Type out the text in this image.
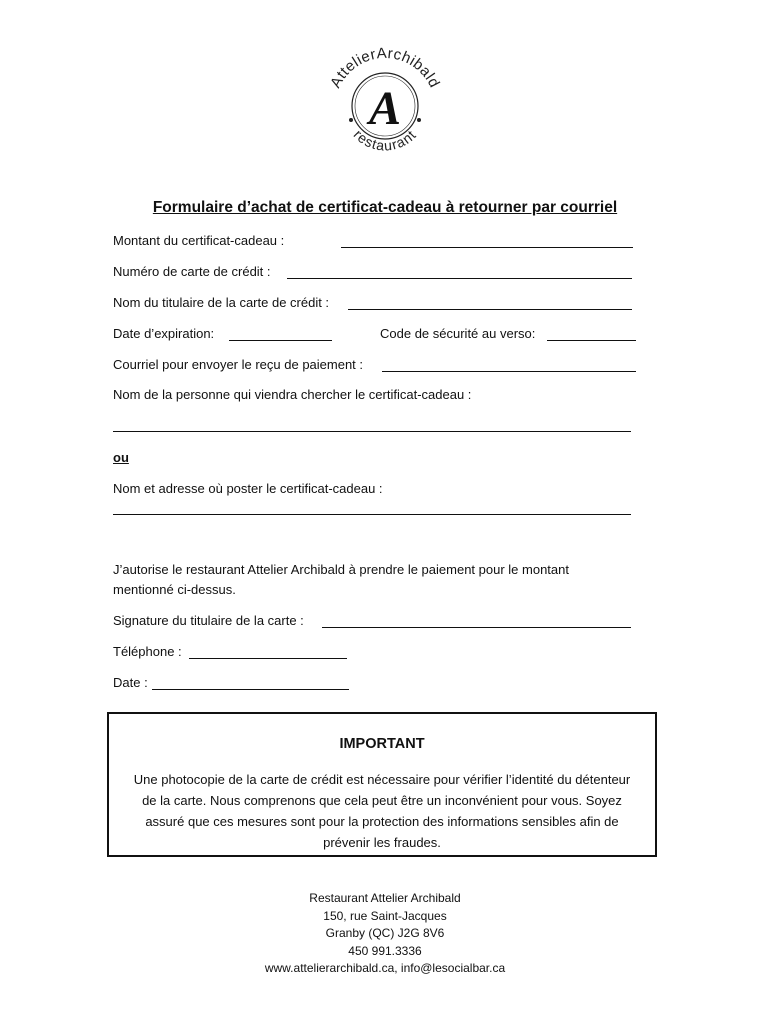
AttelierArchibald
A
restaurant
Formulaire d’achat de certificat-cadeau à retourner par courriel
Montant du certificat-cadeau :
Numéro de carte de crédit :
Nom du titulaire de la carte de crédit :
Date d’expiration:	Code de sécurité au verso:
Courriel pour envoyer le reçu de paiement :
Nom de la personne qui viendra chercher le certificat-cadeau :
ou
Nom et adresse où poster le certificat-cadeau :
J’autorise le restaurant Attelier Archibald à prendre le paiement pour le montant
mentionné ci-dessus.
Signature du titulaire de la carte :
Téléphone :
Date :
IMPORTANT
Une photocopie de la carte de crédit est nécessaire pour vérifier l’identité du détenteur
de la carte. Nous comprenons que cela peut être un inconvénient pour vous. Soyez
assuré que ces mesures sont pour la protection des informations sensibles afin de
prévenir les fraudes.
Restaurant Attelier Archibald
150, rue Saint-Jacques
Granby (QC) J2G 8V6
450 991.3336
www.attelierarchibald.ca, info@lesocialbar.ca
